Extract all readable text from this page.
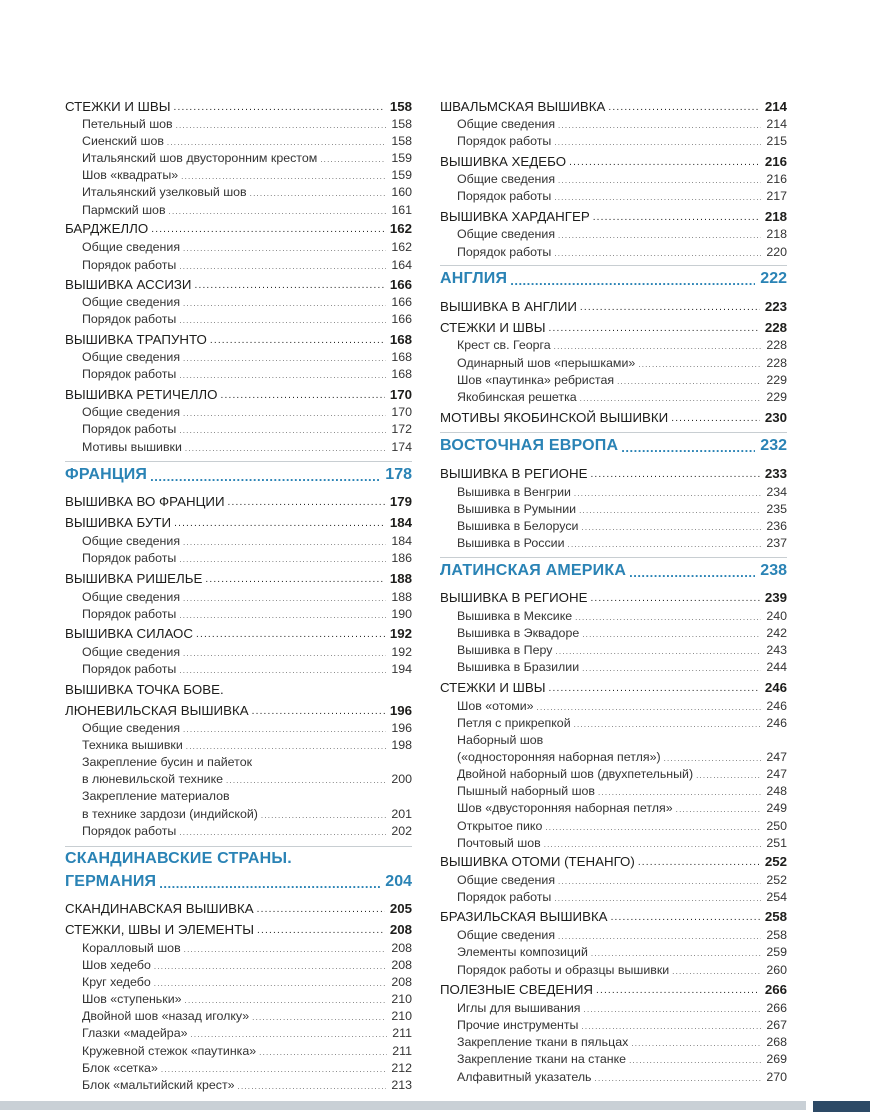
СТЕЖКИ И ШВЫ .....	158
Петельный шов .....	158
Сиенский шов .....	158
Итальянский шов двусторонним крестом .....	159
Шов «квадраты» .....	159
Итальянский узелковый шов .....	160
Пармский шов .....	161
БАРДЖЕЛЛО .....	162
Общие сведения .....	162
Порядок работы .....	164
ВЫШИВКА АССИЗИ .....	166
Общие сведения .....	166
Порядок работы .....	166
ВЫШИВКА ТРАПУНТО .....	168
Общие сведения .....	168
Порядок работы .....	168
ВЫШИВКА РЕТИЧЕЛЛО .....	170
Общие сведения .....	170
Порядок работы .....	172
Мотивы вышивки .....	174
ФРАНЦИЯ .....	178
ВЫШИВКА ВО ФРАНЦИИ .....	179
ВЫШИВКА БУТИ .....	184
Общие сведения .....	184
Порядок работы .....	186
ВЫШИВКА РИШЕЛЬЕ .....	188
Общие сведения .....	188
Порядок работы .....	190
ВЫШИВКА СИЛАОС .....	192
Общие сведения .....	192
Порядок работы .....	194
ВЫШИВКА ТОЧКА БОВЕ.
ЛЮНЕВИЛЬСКАЯ ВЫШИВКА .....	196
Общие сведения .....	196
Техника вышивки .....	198
Закрепление бусин и пайеток
в люневильской технике .....	200
Закрепление материалов
в технике зардози (индийской) .....	201
Порядок работы .....	202
СКАНДИНАВСКИЕ СТРАНЫ.
ГЕРМАНИЯ .....	204
СКАНДИНАВСКАЯ ВЫШИВКА .....	205
СТЕЖКИ, ШВЫ И ЭЛЕМЕНТЫ .....	208
Коралловый шов .....	208
Шов хедебо .....	208
Круг хедебо .....	208
Шов «ступеньки» .....	210
Двойной шов «назад иголку» .....	210
Глазки «мадейра» .....	211
Кружевной стежок «паутинка» .....	211
Блок «сетка» .....	212
Блок «мальтийский крест» .....	213
ШВАЛЬМСКАЯ ВЫШИВКА .....	214
Общие сведения .....	214
Порядок работы .....	215
ВЫШИВКА ХЕДЕБО .....	216
Общие сведения .....	216
Порядок работы .....	217
ВЫШИВКА ХАРДАНГЕР .....	218
Общие сведения .....	218
Порядок работы .....	220
АНГЛИЯ .....	222
ВЫШИВКА В АНГЛИИ .....	223
СТЕЖКИ И ШВЫ .....	228
Крест св. Георга .....	228
Одинарный шов «перышками» .....	228
Шов «паутинка» ребристая .....	229
Якобинская решетка .....	229
МОТИВЫ ЯКОБИНСКОЙ ВЫШИВКИ .....	230
ВОСТОЧНАЯ ЕВРОПА .....	232
ВЫШИВКА В РЕГИОНЕ .....	233
Вышивка в Венгрии .....	234
Вышивка в Румынии .....	235
Вышивка в Белоруси .....	236
Вышивка в России .....	237
ЛАТИНСКАЯ АМЕРИКА .....	238
ВЫШИВКА В РЕГИОНЕ .....	239
Вышивка в Мексике .....	240
Вышивка в Эквадоре .....	242
Вышивка в Перу .....	243
Вышивка в Бразилии .....	244
СТЕЖКИ И ШВЫ .....	246
Шов «отоми» .....	246
Петля с прикрепкой .....	246
Наборный шов
(«односторонняя наборная петля») .....	247
Двойной наборный шов (двухпетельный) .....	247
Пышный наборный шов .....	248
Шов «двусторонняя наборная петля» .....	249
Открытое пико .....	250
Почтовый шов .....	251
ВЫШИВКА ОТОМИ (ТЕНАНГО) .....	252
Общие сведения .....	252
Порядок работы .....	254
БРАЗИЛЬСКАЯ ВЫШИВКА .....	258
Общие сведения .....	258
Элементы композиций .....	259
Порядок работы и образцы вышивки .....	260
ПОЛЕЗНЫЕ СВЕДЕНИЯ .....	266
Иглы для вышивания .....	266
Прочие инструменты .....	267
Закрепление ткани в пяльцах .....	268
Закрепление ткани на станке .....	269
Алфавитный указатель .....	270
